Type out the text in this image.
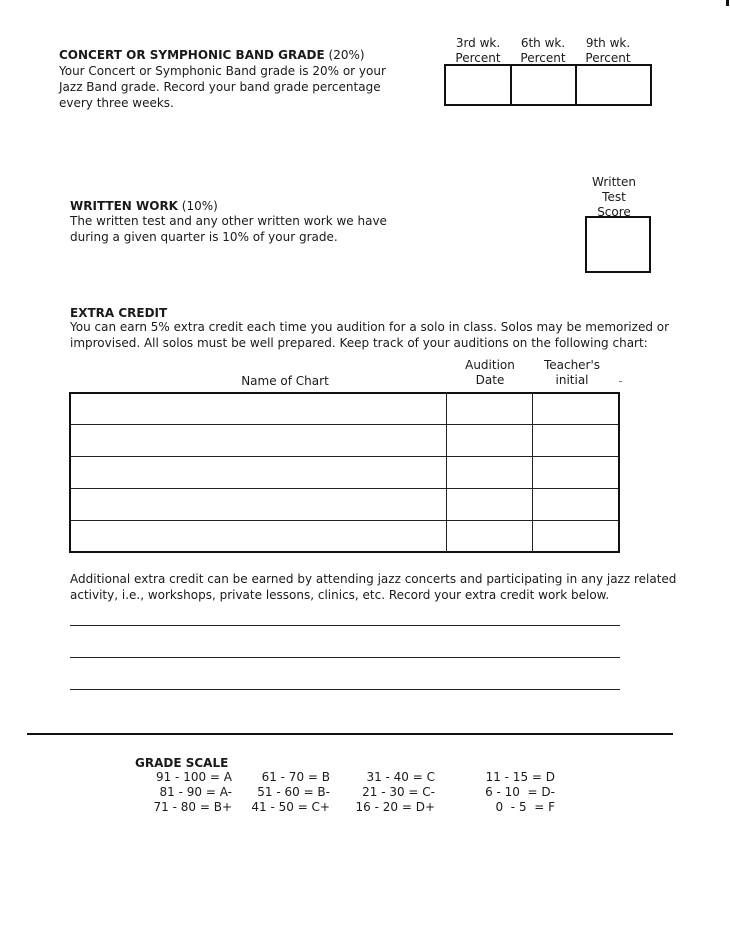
CONCERT OR SYMPHONIC BAND GRADE (20%)
Your Concert or Symphonic Band grade is 20% or your
Jazz Band grade. Record your band grade percentage
every three weeks.
3rd wk.
Percent
6th wk.
Percent
9th wk.
Percent
WRITTEN WORK (10%)
The written test and any other written work we have
during a given quarter is 10% of your grade.
Written
Test
Score
EXTRA CREDIT
You can earn 5% extra credit each time you audition for a solo in class. Solos may be memorized or
improvised. All solos must be well prepared. Keep track of your auditions on the following chart:
Name of Chart
Audition
Date
Teacher's
initial
Additional extra credit can be earned by attending jazz concerts and participating in any jazz related
activity, i.e., workshops, private lessons, clinics, etc. Record your extra credit work below.
GRADE SCALE
91 - 100 = A
81 - 90 = A-
71 - 80 = B+
61 - 70 = B
51 - 60 = B-
41 - 50 = C+
31 - 40 = C
21 - 30 = C-
16 - 20 = D+
11 - 15 = D
6 - 10  = D-
0  - 5  = F
